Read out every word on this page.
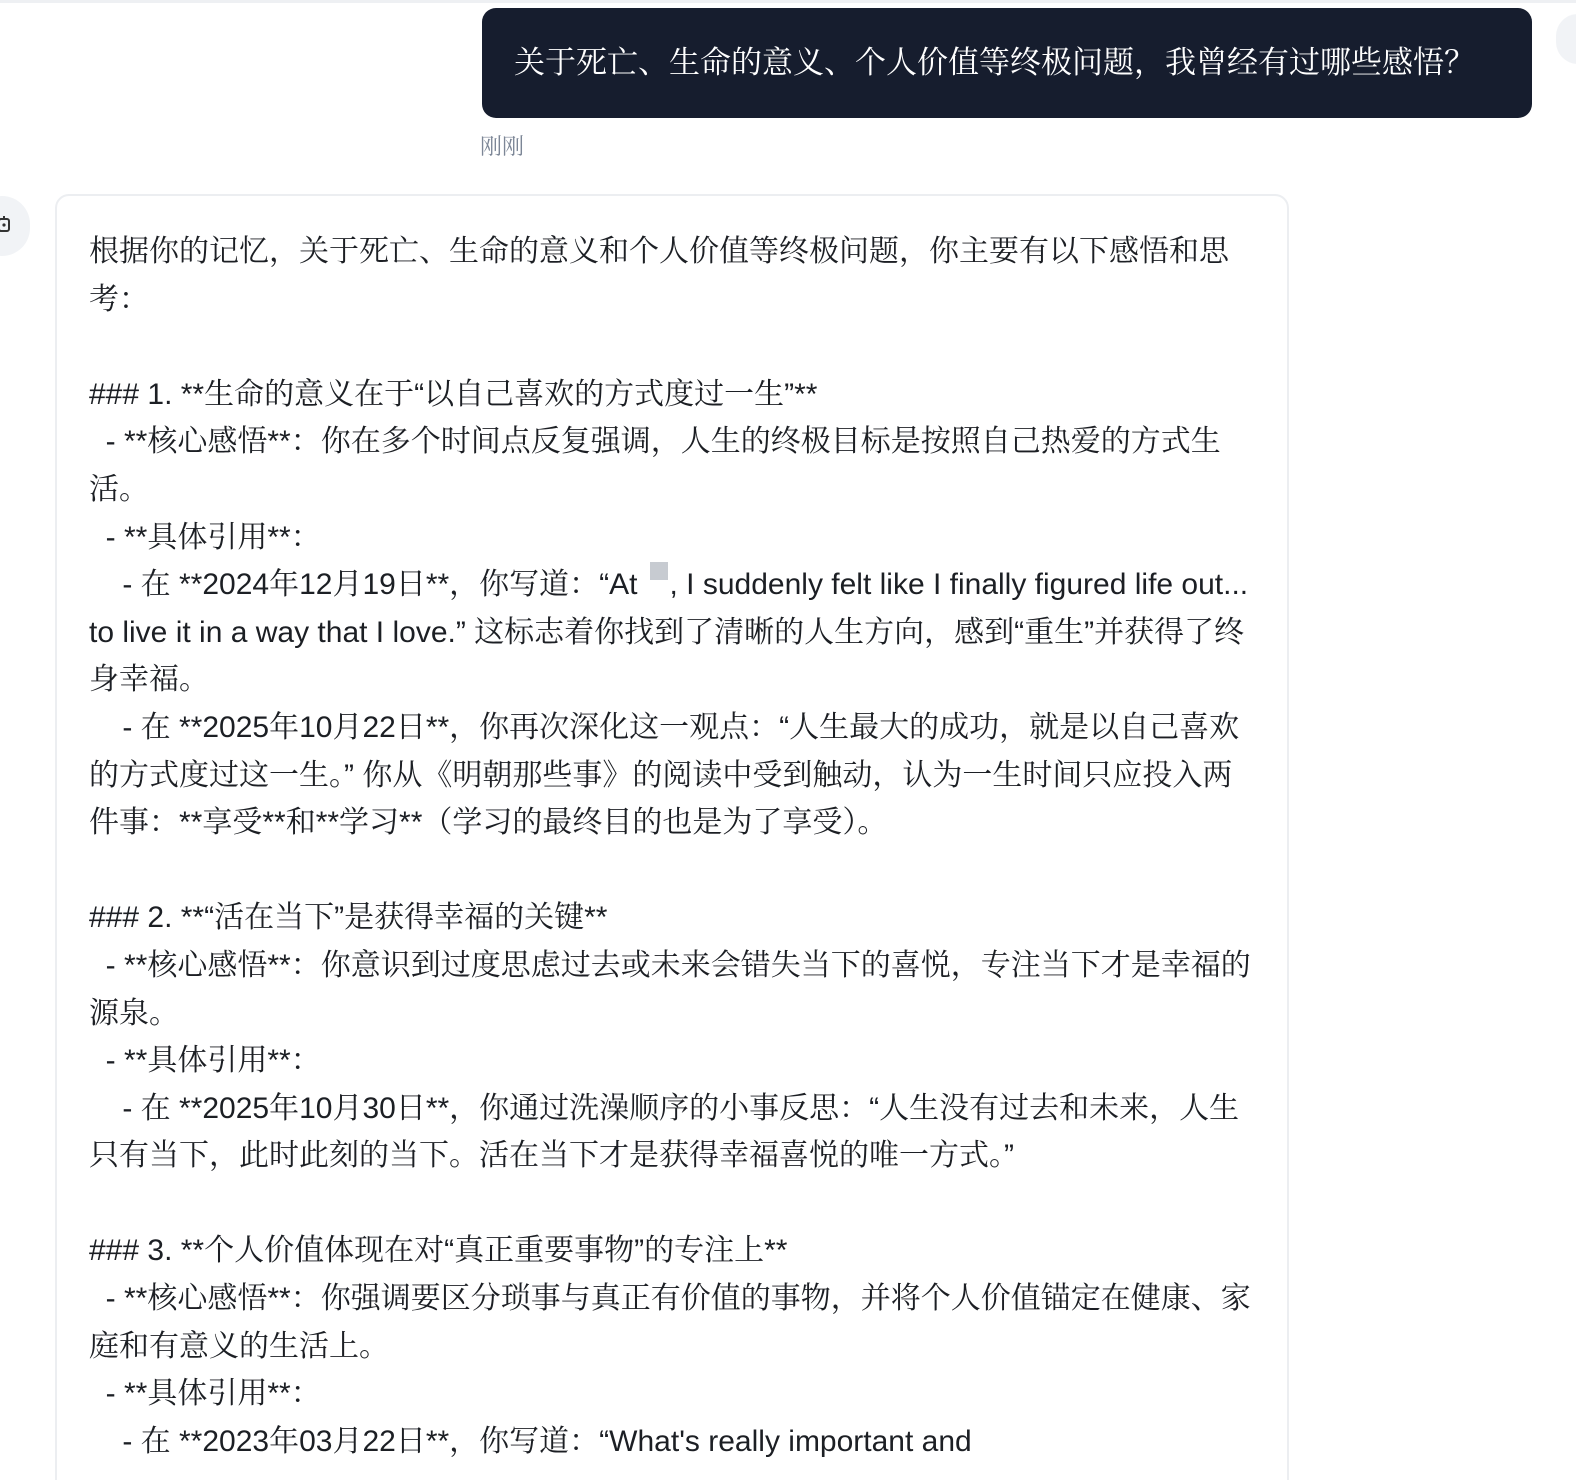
关于死亡、生命的意义、个人价值等终极问题，我曾经有过哪些感悟？
刚刚
根据你的记忆，关于死亡、生命的意义和个人价值等终极问题，你主要有以下感悟和思考：

### 1. **生命的意义在于“以自己喜欢的方式度过一生”**
- **核心感悟**：你在多个时间点反复强调，人生的终极目标是按照自己热爱的方式生活。
- **具体引用**：
- 在 **2024年12月19日**，你写道：“At , I suddenly felt like I finally figured life out... to live it in a way that I love.” 这标志着你找到了清晰的人生方向，感到“重生”并获得了终身幸福。
- 在 **2025年10月22日**，你再次深化这一观点：“人生最大的成功，就是以自己喜欢的方式度过这一生。” 你从《明朝那些事》的阅读中受到触动，认为一生时间只应投入两件事：**享受**和**学习**（学习的最终目的也是为了享受）。

### 2. **“活在当下”是获得幸福的关键**
- **核心感悟**：你意识到过度思虑过去或未来会错失当下的喜悦，专注当下才是幸福的源泉。
- **具体引用**：
- 在 **2025年10月30日**，你通过洗澡顺序的小事反思：“人生没有过去和未来，人生只有当下，此时此刻的当下。活在当下才是获得幸福喜悦的唯一方式。”

### 3. **个人价值体现在对“真正重要事物”的专注上**
- **核心感悟**：你强调要区分琐事与真正有价值的事物，并将个人价值锚定在健康、家庭和有意义的生活上。
- **具体引用**：
- 在 **2023年03月22日**，你写道：“What's really important and
